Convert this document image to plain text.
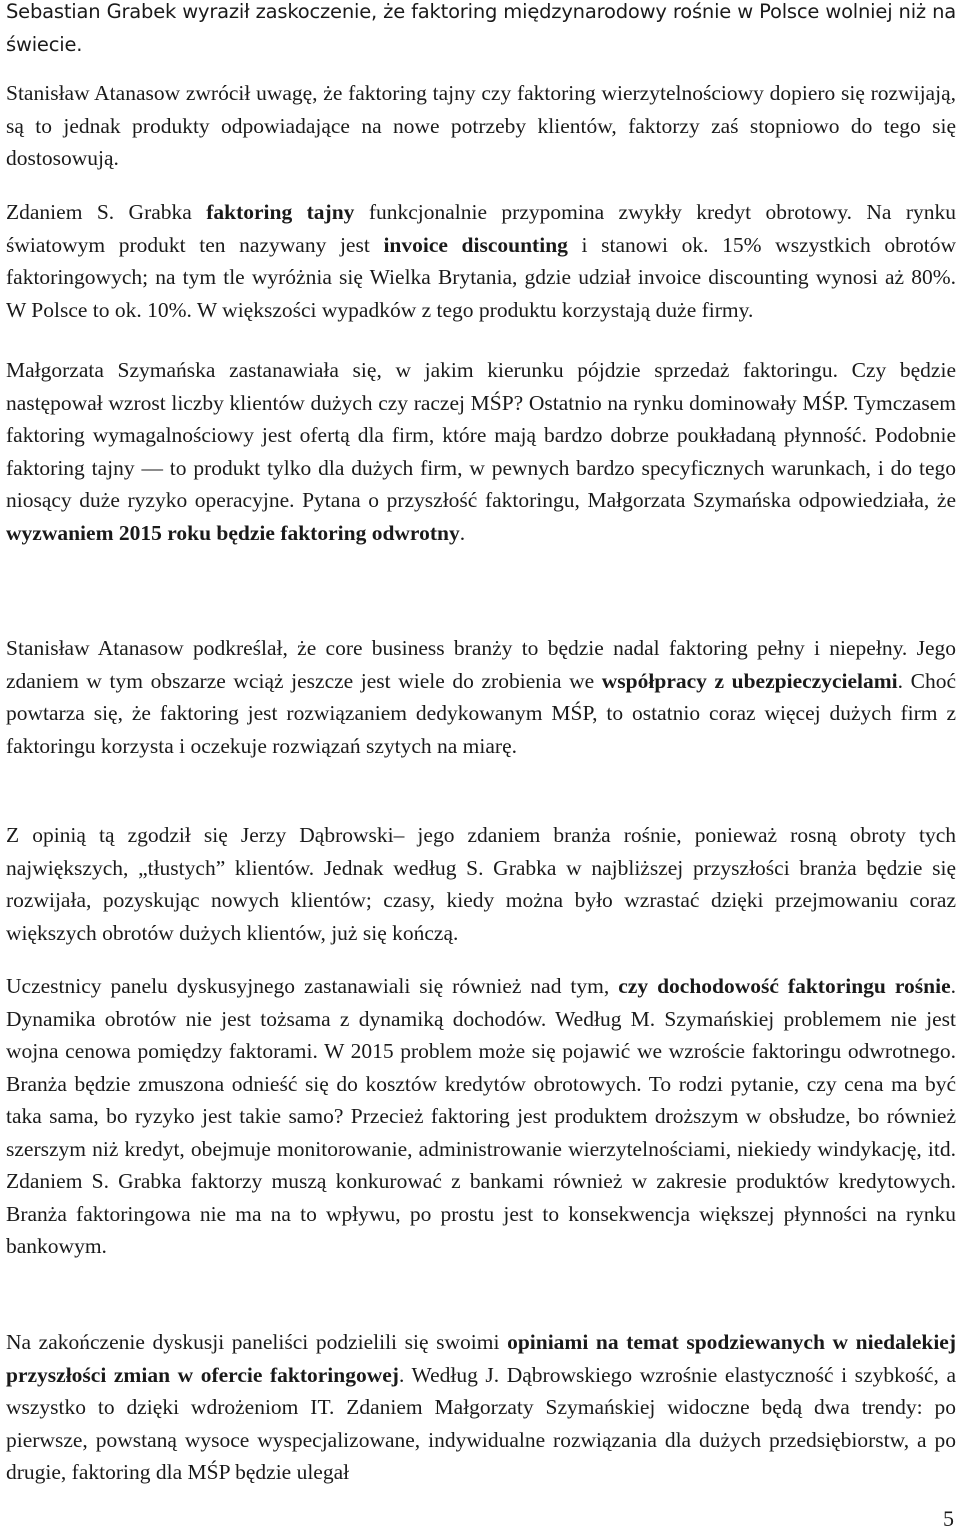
Sebastian Grabek wyraził zaskoczenie, że faktoring międzynarodowy rośnie w Polsce wolniej niż na świecie.

Stanisław Atanasow zwrócił uwagę, że faktoring tajny czy faktoring wierzytelnościowy dopiero się rozwijają, są to jednak produkty odpowiadające na nowe potrzeby klientów, faktorzy zaś stopniowo do tego się dostosowują.

Zdaniem S. Grabka faktoring tajny funkcjonalnie przypomina zwykły kredyt obrotowy. Na rynku światowym produkt ten nazywany jest invoice discounting i stanowi ok. 15% wszystkich obrotów faktoringowych; na tym tle wyróżnia się Wielka Brytania, gdzie udział invoice discounting wynosi aż 80%. W Polsce to ok. 10%. W większości wypadków z tego produktu korzystają duże firmy.

Małgorzata Szymańska zastanawiała się, w jakim kierunku pójdzie sprzedaż faktoringu. Czy będzie następował wzrost liczby klientów dużych czy raczej MŚP? Ostatnio na rynku dominowały MŚP. Tymczasem faktoring wymagalnościowy jest ofertą dla firm, które mają bardzo dobrze poukładaną płynność. Podobnie faktoring tajny — to produkt tylko dla dużych firm, w pewnych bardzo specyficznych warunkach, i do tego niosący duże ryzyko operacyjne. Pytana o przyszłość faktoringu, Małgorzata Szymańska odpowiedziała, że wyzwaniem 2015 roku będzie faktoring odwrotny.

Stanisław Atanasow podkreślał, że core business branży to będzie nadal faktoring pełny i niepełny. Jego zdaniem w tym obszarze wciąż jeszcze jest wiele do zrobienia we współpracy z ubezpieczycielami. Choć powtarza się, że faktoring jest rozwiązaniem dedykowanym MŚP, to ostatnio coraz więcej dużych firm z faktoringu korzysta i oczekuje rozwiązań szytych na miarę.

Z opinią tą zgodził się Jerzy Dąbrowski– jego zdaniem branża rośnie, ponieważ rosną obroty tych największych, „tłustych” klientów. Jednak według S. Grabka w najbliższej przyszłości branża będzie się rozwijała, pozyskując nowych klientów; czasy, kiedy można było wzrastać dzięki przejmowaniu coraz większych obrotów dużych klientów, już się kończą.

Uczestnicy panelu dyskusyjnego zastanawiali się również nad tym, czy dochodowość faktoringu rośnie. Dynamika obrotów nie jest tożsama z dynamiką dochodów. Według M. Szymańskiej problemem nie jest wojna cenowa pomiędzy faktorami. W 2015 problem może się pojawić we wzroście faktoringu odwrotnego. Branża będzie zmuszona odnieść się do kosztów kredytów obrotowych. To rodzi pytanie, czy cena ma być taka sama, bo ryzyko jest takie samo? Przecież faktoring jest produktem droższym w obsłudze, bo również szerszym niż kredyt, obejmuje monitorowanie, administrowanie wierzytelnościami, niekiedy windykację, itd. Zdaniem S. Grabka faktorzy muszą konkurować z bankami również w zakresie produktów kredytowych. Branża faktoringowa nie ma na to wpływu, po prostu jest to konsekwencja większej płynności na rynku bankowym.

Na zakończenie dyskusji paneliści podzielili się swoimi opiniami na temat spodziewanych w niedalekiej przyszłości zmian w ofercie faktoringowej. Według J. Dąbrowskiego wzrośnie elastyczność i szybkość, a wszystko to dzięki wdrożeniom IT. Zdaniem Małgorzaty Szymańskiej widoczne będą dwa trendy: po pierwsze, powstaną wysoce wyspecjalizowane, indywidualne rozwiązania dla dużych przedsiębiorstw, a po drugie, faktoring dla MŚP będzie ulegał

5
